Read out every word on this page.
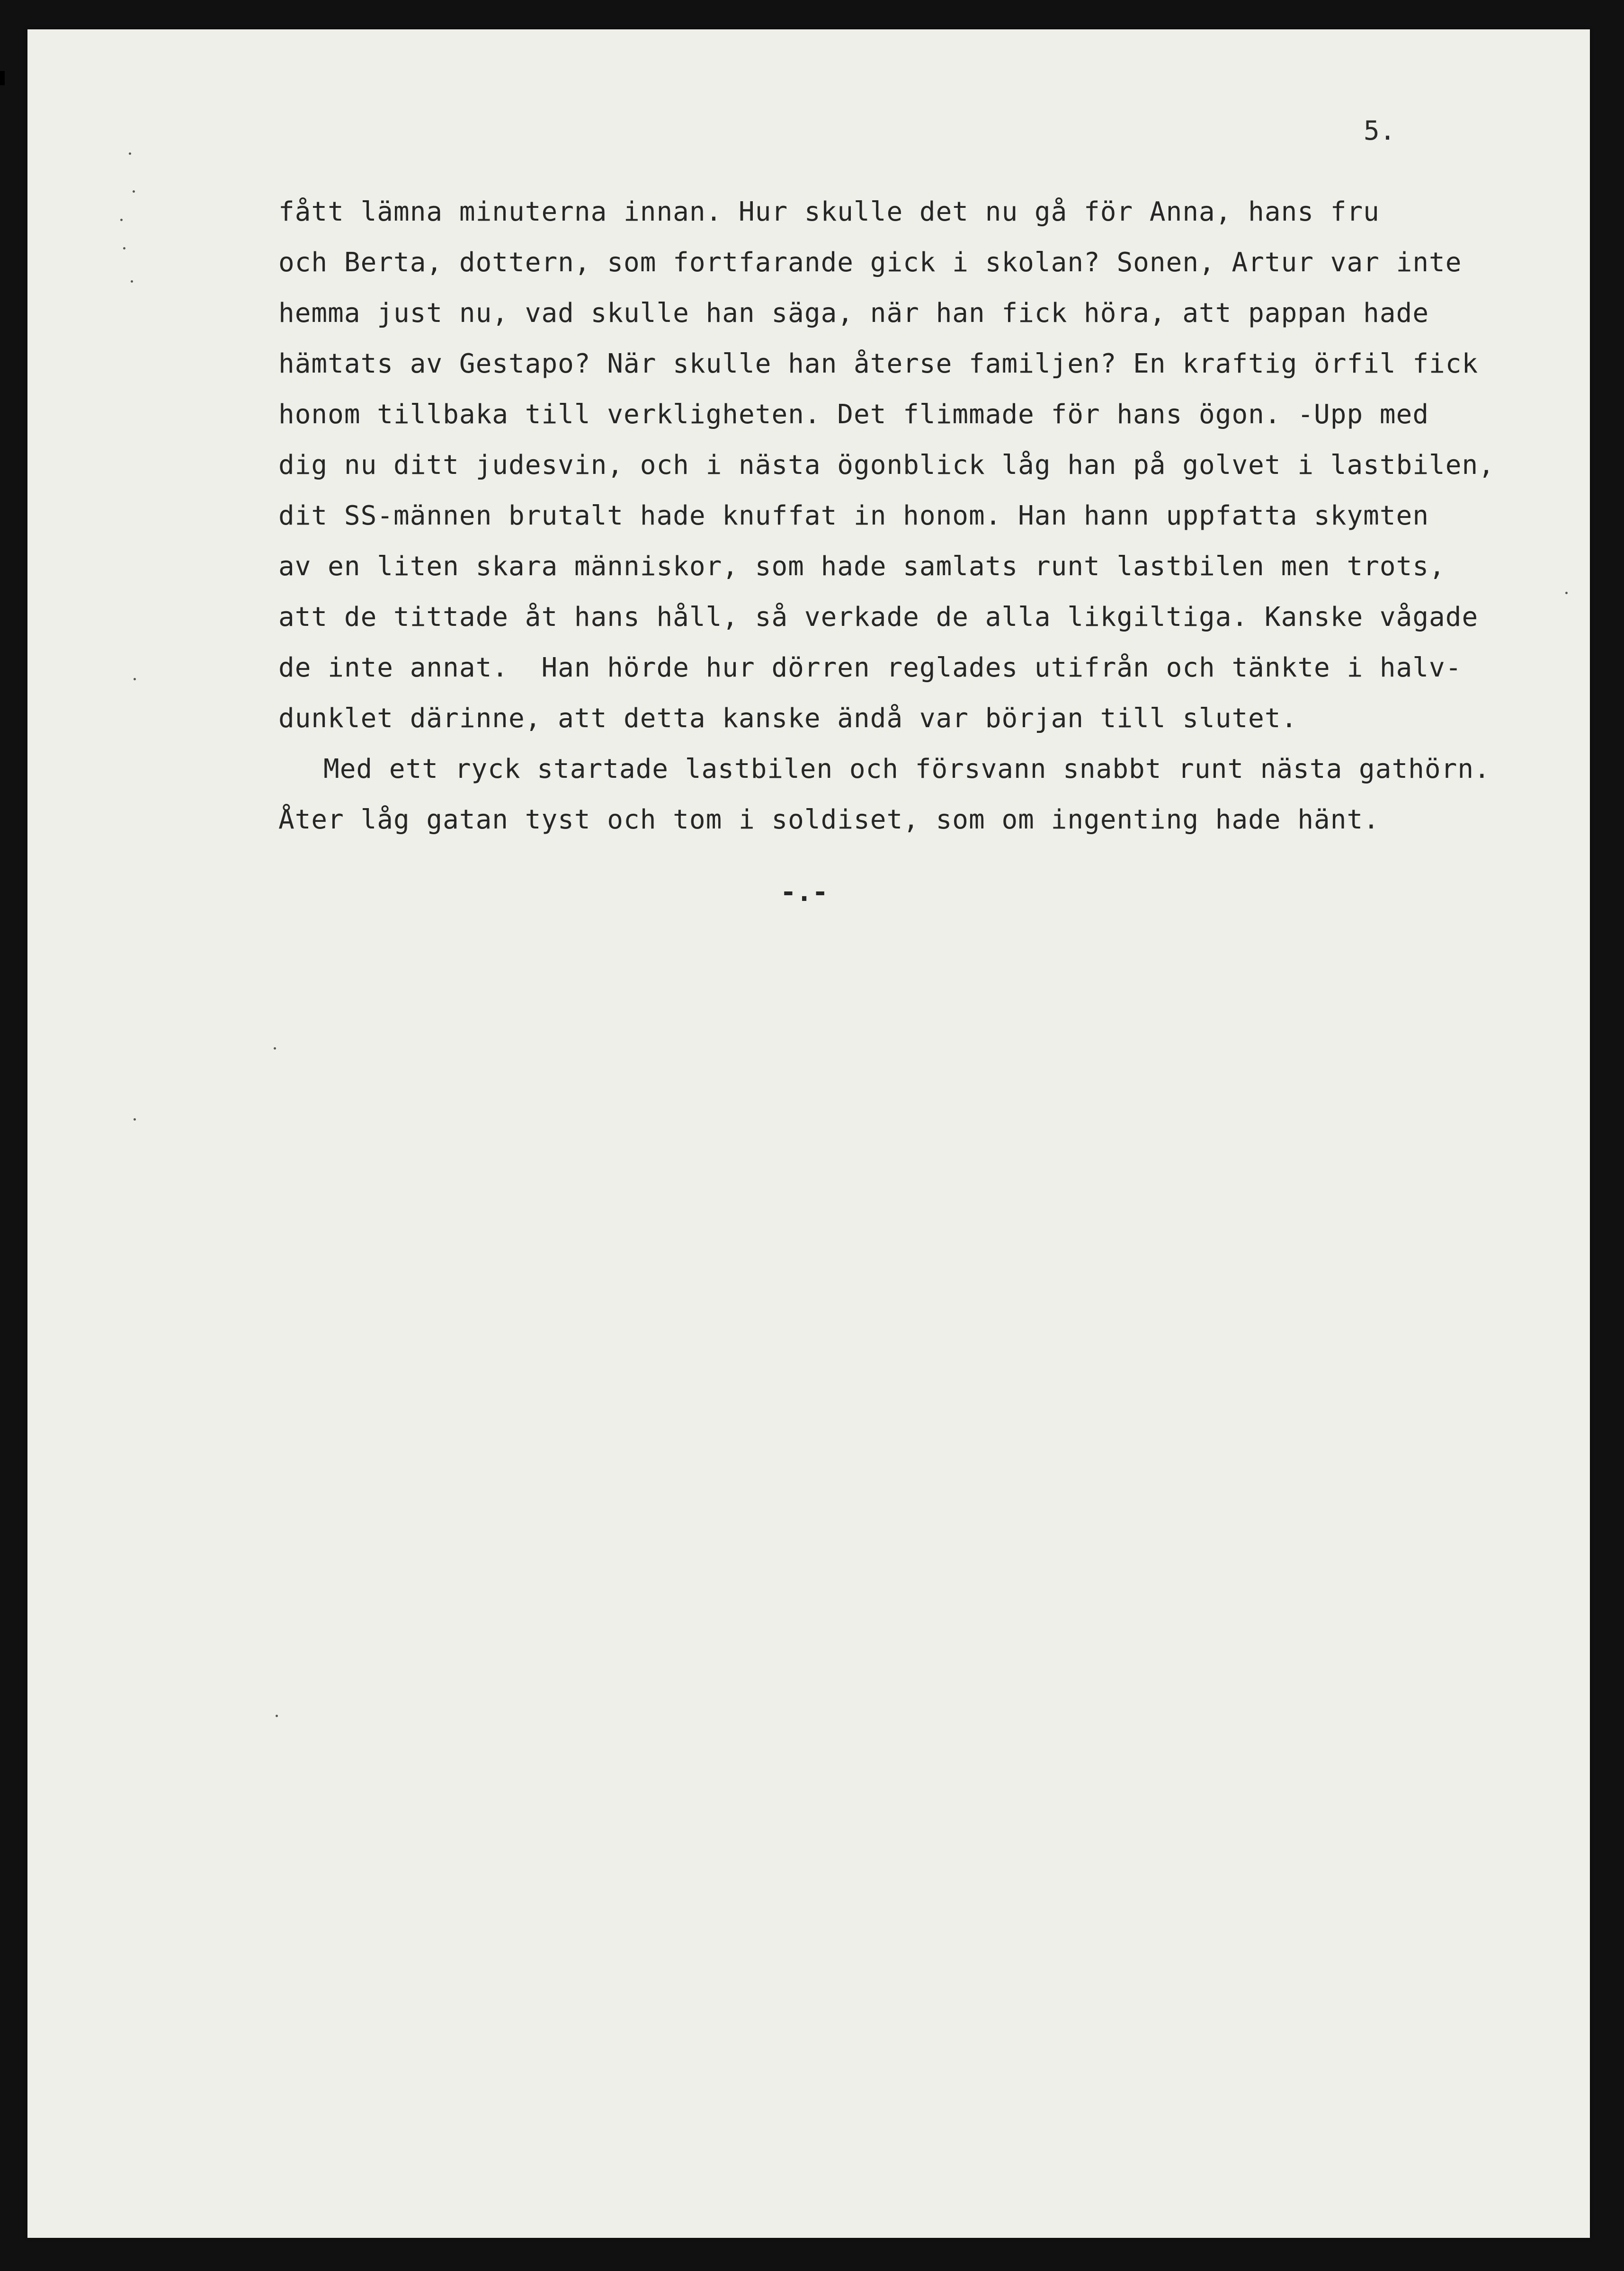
5.
fått lämna minuterna innan. Hur skulle det nu gå för Anna, hans fru
och Berta, dottern, som fortfarande gick i skolan? Sonen, Artur var inte
hemma just nu, vad skulle han säga, när han fick höra, att pappan hade
hämtats av Gestapo? När skulle han återse familjen? En kraftig örfil fick
honom tillbaka till verkligheten. Det flimmade för hans ögon. -Upp med
dig nu ditt judesvin, och i nästa ögonblick låg han på golvet i lastbilen,
dit SS-männen brutalt hade knuffat in honom. Han hann uppfatta skymten
av en liten skara människor, som hade samlats runt lastbilen men trots,
att de tittade åt hans håll, så verkade de alla likgiltiga. Kanske vågade
de inte annat.  Han hörde hur dörren reglades utifrån och tänkte i halv-
dunklet därinne, att detta kanske ändå var början till slutet.
Med ett ryck startade lastbilen och försvann snabbt runt nästa gathörn.
Åter låg gatan tyst och tom i soldiset, som om ingenting hade hänt.
-.-
